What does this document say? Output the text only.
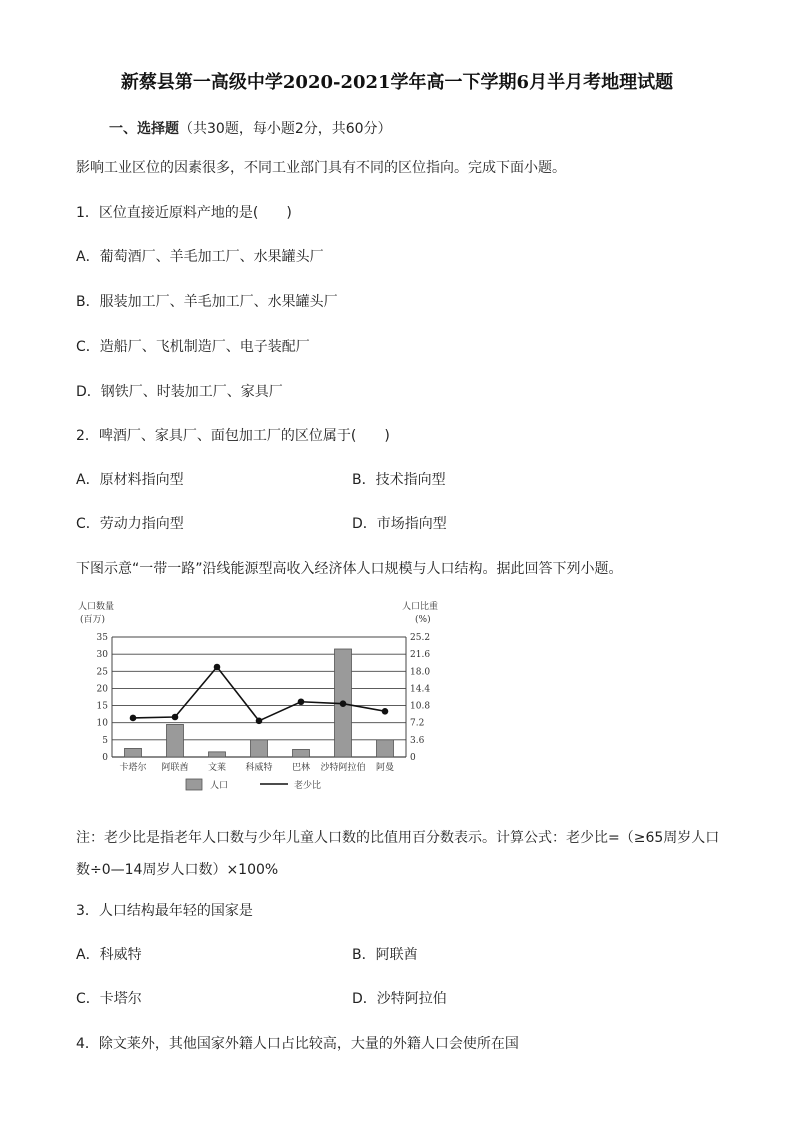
新蔡县第一高级中学2020-2021学年高一下学期6月半月考地理试题
一、选择题（共30题，每小题2分，共60分）
影响工业区位的因素很多，不同工业部门具有不同的区位指向。完成下面小题。
1．区位直接近原料产地的是(　　)
A．葡萄酒厂、羊毛加工厂、水果罐头厂
B．服装加工厂、羊毛加工厂、水果罐头厂
C．造船厂、飞机制造厂、电子装配厂
D．钢铁厂、时装加工厂、家具厂
2．啤酒厂、家具厂、面包加工厂的区位属于(　　)
A．原材料指向型	B．技术指向型
C．劳动力指向型	D．市场指向型
下图示意“一带一路”沿线能源型高收入经济体人口规模与人口结构。据此回答下列小题。
人口数量
(百万)
人口比重
(%)
0	0
5	3.6
10	7.2
15	10.8
20	14.4
25	18.0
30	21.6
35	25.2
卡塔尔 阿联酋 文莱 科威特 巴林 沙特阿拉伯 阿曼
人口	老少比
注：老少比是指老年人口数与少年儿童人口数的比值用百分数表示。计算公式：老少比=（≥65周岁人口数÷0—14周岁人口数）×100%
3．人口结构最年轻的国家是
A．科威特	B．阿联酋
C．卡塔尔	D．沙特阿拉伯
4．除文莱外，其他国家外籍人口占比较高，大量的外籍人口会使所在国
